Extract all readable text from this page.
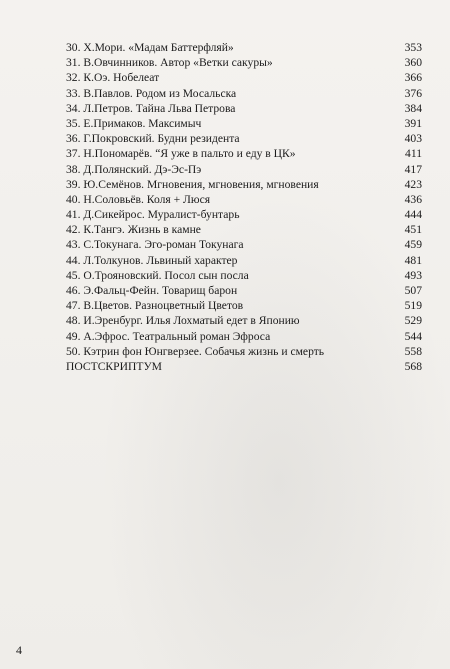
30. Х.Мори. «Мадам Баттерфляй»	353
31. В.Овчинников. Автор «Ветки сакуры»	360
32. К.Оэ. Нобелеат	366
33. В.Павлов. Родом из Мосальска	376
34. Л.Петров. Тайна Льва Петрова	384
35. Е.Примаков. Максимыч	391
36. Г.Покровский. Будни резидента	403
37. Н.Пономарёв. “Я уже в пальто и еду в ЦК»	411
38. Д.Полянский. Дэ-Эс-Пэ	417
39. Ю.Семёнов. Мгновения, мгновения, мгновения	423
40. Н.Соловьёв. Коля + Люся	436
41. Д.Сикейрос. Муралист-бунтарь	444
42. К.Тангэ. Жизнь в камне	451
43. С.Токунага. Эго-роман Токунага	459
44. Л.Толкунов. Львиный характер	481
45. О.Трояновский. Посол сын посла	493
46. Э.Фальц-Фейн. Товарищ барон	507
47. В.Цветов. Разноцветный Цветов	519
48. И.Эренбург. Илья Лохматый едет в Японию	529
49. А.Эфрос. Театральный роман Эфроса	544
50. Кэтрин фон Юнгверзее. Собачья жизнь и смерть	558
ПОСТСКРИПТУМ	568
4
